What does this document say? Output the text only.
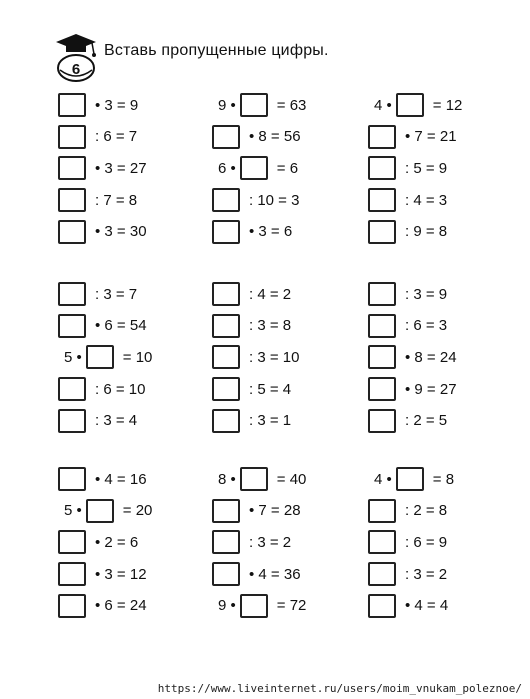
6
Вставь пропущенные цифры.
• 3 = 9	9 •	= 63	4 •	= 12
: 6 = 7	• 8 = 56	• 7 = 21
• 3 = 27	6 •	= 6	: 5 = 9
: 7 = 8	: 10 = 3	: 4 = 3
• 3 = 30	• 3 = 6	: 9 = 8
: 3 = 7	: 4 = 2	: 3 = 9
• 6 = 54	: 3 = 8	: 6 = 3
5 •	= 10	: 3 = 10	• 8 = 24
: 6 = 10	: 5 = 4	• 9 = 27
: 3 = 4	: 3 = 1	: 2 = 5
• 4 = 16	8 •	= 40	4 •	= 8
5 •	= 20	• 7 = 28	: 2 = 8
• 2 = 6	: 3 = 2	: 6 = 9
• 3 = 12	• 4 = 36	: 3 = 2
• 6 = 24	9 •	= 72	• 4 = 4
https://www.liveinternet.ru/users/moim_vnukam_poleznoe/
